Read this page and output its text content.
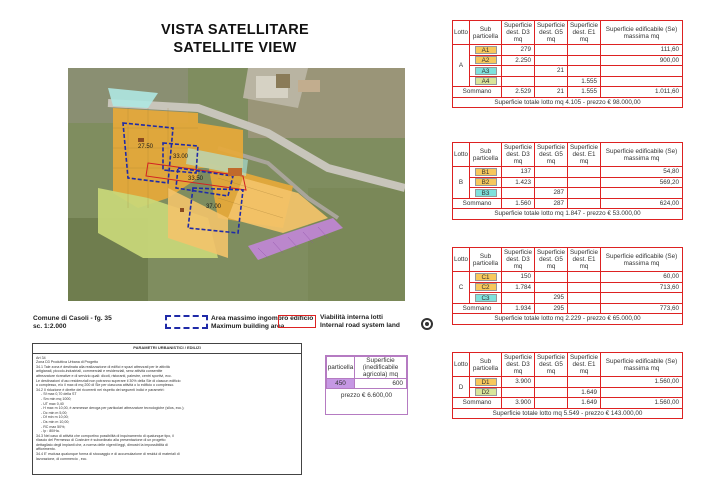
VISTA SATELLITARE
SATELLITE VIEW
27.50
33.00
37.00
33.50
Comune di Casoli - fg. 35
sc. 1:2.000
Area massimo ingombro edificio
Maximum building area
Viabilità interna lotti
Internal road system land
PARAMETRI URBANISTICI / EDILIZI
Art 34
Zona D3 Produttiva Urbana di Progetto
34.1 Tale zona è destinata alla realizzazione di edifici e spazi attrezzati per le attività
artigianali, piccolo-industriali, commerciali e residenziali, senz attività consentite
attrezzature ricreative e di servizio quali: dicoti, ristoranti, palestre, centri sportivi, ecc.
Le destinazioni d'uso residenziali non potranno superare il 30% della Sle di ciascun edificio
o complesso, e/o il max di mq 200 di Sle per ciascuna attività o lo edificio o complesso.
34.2 Il riduzione è dirette dei ricorrenti nei rispetto dei seguenti indici e parametri:
- Sf max 0,70 della ST
- Sm min mq 1000;
- UT max 0,40
- H max m 10,00, è ammesse deroga per particolari attrezzature tecnologiche (silos, ecc.);
- Dc min m 5,00;
- Df min m 10,00;
- Ds min m 10,00;
- RC max 50%;
- Ip : 80/Ha.
34.3 Nel caso di attività che comportino possibilità di inquinamento di qualunque tipo, il
rilascio del Permesso di Costruire è subordinato alla presentazione di un progetto
dettagliato degli impianti che, a norma delle vigenti leggi, dimostri la impossibilità di
affiorimento.
34.4 E' esclusa qualunque forma di stoccaggio e di accumulazione di residui di materiali di
lavorazione, di commercio , ecc.
particella	Superficie (inedificabile agricola) mq
450	600
prezzo € 6.600,00
Lotto	Sub particella	Superficie dest. D3 mq	Superficie dest. G5 mq	Superficie dest. E1 mq	Superficie edificabile (Se) massima mq
A	A1	279			111,60
	A2	2.250			900,00
	A3		21		
	A4			1.555	
Sommano		2.529	21	1.555	1.011,60
Superficie totale lotto mq 4.105 - prezzo € 98.000,00					
Lotto	Sub particella	Superficie dest. D3 mq	Superficie dest. G5 mq	Superficie dest. E1 mq	Superficie edificabile (Se) massima mq
B	B1	137			54,80
	B2	1.423			569,20
	B3		287		
Sommano		1.560	287		624,00
Superficie totale lotto mq 1.847 - prezzo € 53.000,00					
Lotto	Sub particella	Superficie dest. D3 mq	Superficie dest. G5 mq	Superficie dest. E1 mq	Superficie edificabile (Se) massima mq
C	C1	150			60,00
	C2	1.784			713,60
	C3		295		
Sommano		1.934	295		773,60
Superficie totale lotto mq 2.229 - prezzo € 65.000,00					
Lotto	Sub particella	Superficie dest. D3 mq	Superficie dest. G5 mq	Superficie dest. E1 mq	Superficie edificabile (Se) massima mq
D	D1	3.900			1.560,00
	D2			1.649	
Sommano		3.900		1.649	1.560,00
Superficie totale lotto mq 5.549 - prezzo € 143.000,00					
